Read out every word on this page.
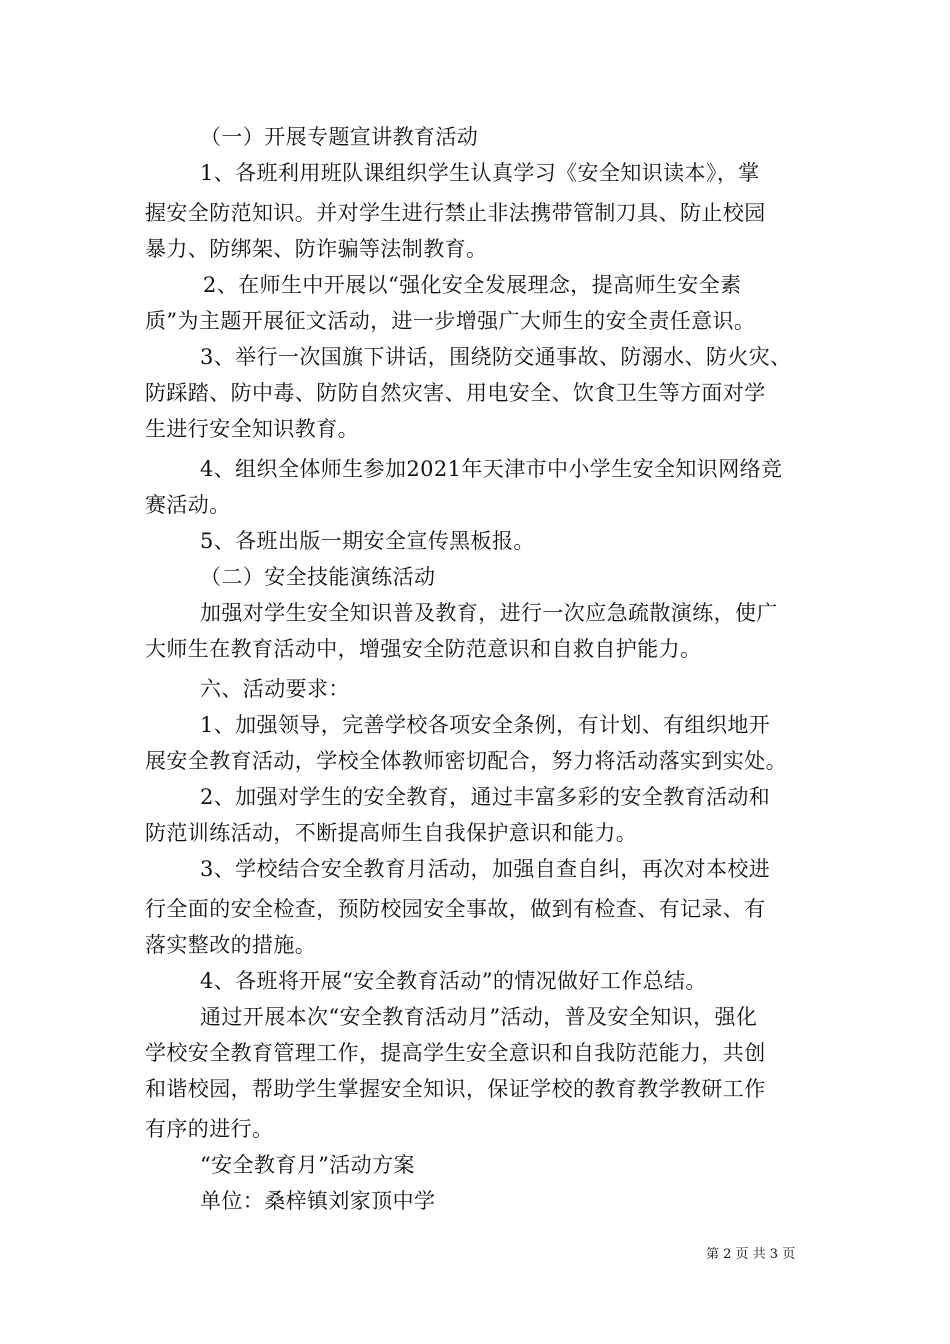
（一）开展专题宣讲教育活动
1、各班利用班队课组织学生认真学习《安全知识读本》，掌
握安全防范知识。并对学生进行禁止非法携带管制刀具、防止校园
暴力、防绑架、防诈骗等法制教育。
2、在师生中开展以“强化安全发展理念，提高师生安全素
质”为主题开展征文活动，进一步增强广大师生的安全责任意识。
3、举行一次国旗下讲话，围绕防交通事故、防溺水、防火灾、
防踩踏、防中毒、防防自然灾害、用电安全、饮食卫生等方面对学
生进行安全知识教育。
4、组织全体师生参加2021年天津市中小学生安全知识网络竞
赛活动。
5、各班出版一期安全宣传黑板报。
（二）安全技能演练活动
加强对学生安全知识普及教育，进行一次应急疏散演练，使广
大师生在教育活动中，增强安全防范意识和自救自护能力。
六、活动要求：
1、加强领导，完善学校各项安全条例，有计划、有组织地开
展安全教育活动，学校全体教师密切配合，努力将活动落实到实处。
2、加强对学生的安全教育，通过丰富多彩的安全教育活动和
防范训练活动，不断提高师生自我保护意识和能力。
3、学校结合安全教育月活动，加强自查自纠，再次对本校进
行全面的安全检查，预防校园安全事故，做到有检查、有记录、有
落实整改的措施。
4、各班将开展“安全教育活动”的情况做好工作总结。
通过开展本次“安全教育活动月”活动，普及安全知识，强化
学校安全教育管理工作，提高学生安全意识和自我防范能力，共创
和谐校园，帮助学生掌握安全知识，保证学校的教育教学教研工作
有序的进行。
“安全教育月”活动方案
单位：桑梓镇刘家顶中学
第 2 页 共 3 页
